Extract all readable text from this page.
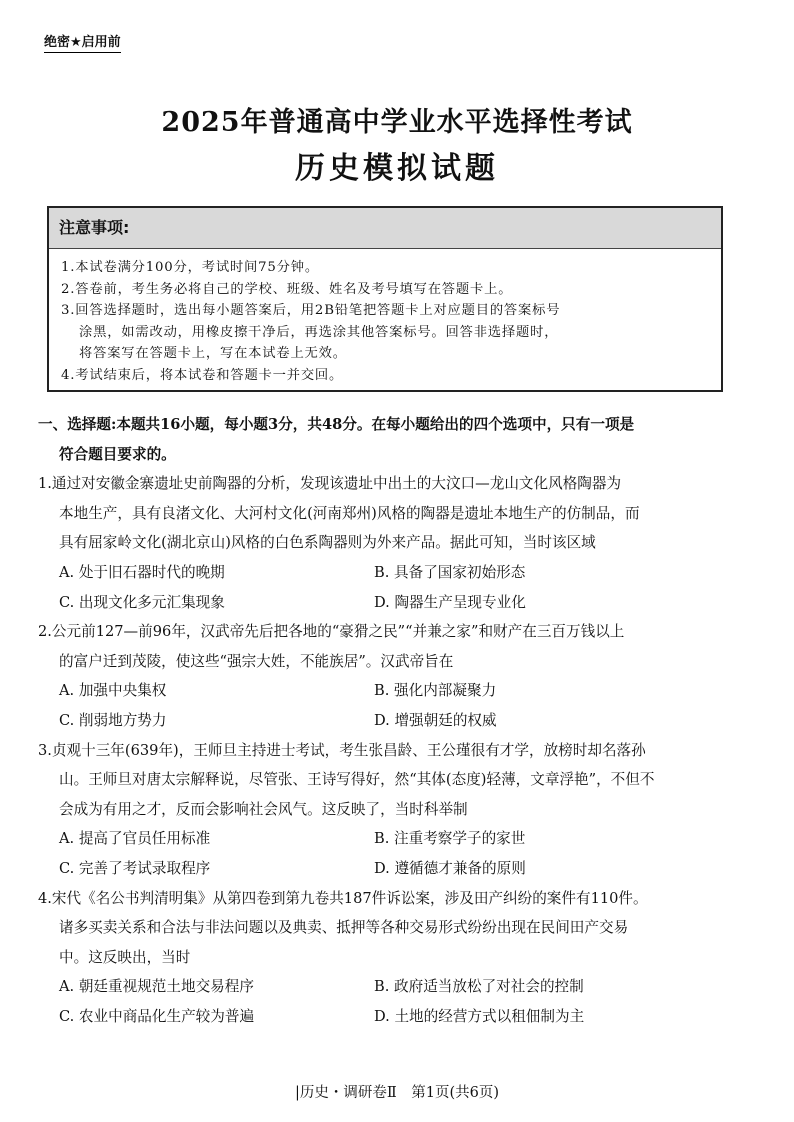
绝密★启用前
2025年普通高中学业水平选择性考试
历史模拟试题
注意事项:
1.本试卷满分100分，考试时间75分钟。
2.答卷前，考生务必将自己的学校、班级、姓名及考号填写在答题卡上。
3.回答选择题时，选出每小题答案后，用2B铅笔把答题卡上对应题目的答案标号
涂黑，如需改动，用橡皮擦干净后，再选涂其他答案标号。回答非选择题时，
将答案写在答题卡上，写在本试卷上无效。
4.考试结束后，将本试卷和答题卡一并交回。
一、选择题:本题共16小题，每小题3分，共48分。在每小题给出的四个选项中，只有一项是
符合题目要求的。
1.通过对安徽金寨遗址史前陶器的分析，发现该遗址中出土的大汶口—龙山文化风格陶器为
本地生产，具有良渚文化、大河村文化(河南郑州)风格的陶器是遗址本地生产的仿制品，而
具有屈家岭文化(湖北京山)风格的白色系陶器则为外来产品。据此可知，当时该区域
A. 处于旧石器时代的晚期	B. 具备了国家初始形态
C. 出现文化多元汇集现象	D. 陶器生产呈现专业化
2.公元前127—前96年，汉武帝先后把各地的“豪猾之民”“并兼之家”和财产在三百万钱以上
的富户迁到茂陵，使这些“强宗大姓，不能族居”。汉武帝旨在
A. 加强中央集权	B. 强化内部凝聚力
C. 削弱地方势力	D. 增强朝廷的权威
3.贞观十三年(639年)，王师旦主持进士考试，考生张昌龄、王公瑾很有才学，放榜时却名落孙
山。王师旦对唐太宗解释说，尽管张、王诗写得好，然“其体(态度)轻薄，文章浮艳”，不但不
会成为有用之才，反而会影响社会风气。这反映了，当时科举制
A. 提高了官员任用标准	B. 注重考察学子的家世
C. 完善了考试录取程序	D. 遵循德才兼备的原则
4.宋代《名公书判清明集》从第四卷到第九卷共187件诉讼案，涉及田产纠纷的案件有110件。
诸多买卖关系和合法与非法问题以及典卖、抵押等各种交易形式纷纷出现在民间田产交易
中。这反映出，当时
A. 朝廷重视规范土地交易程序	B. 政府适当放松了对社会的控制
C. 农业中商品化生产较为普遍	D. 土地的经营方式以租佃制为主
|历史・调研卷Ⅱ　第1页(共6页)
